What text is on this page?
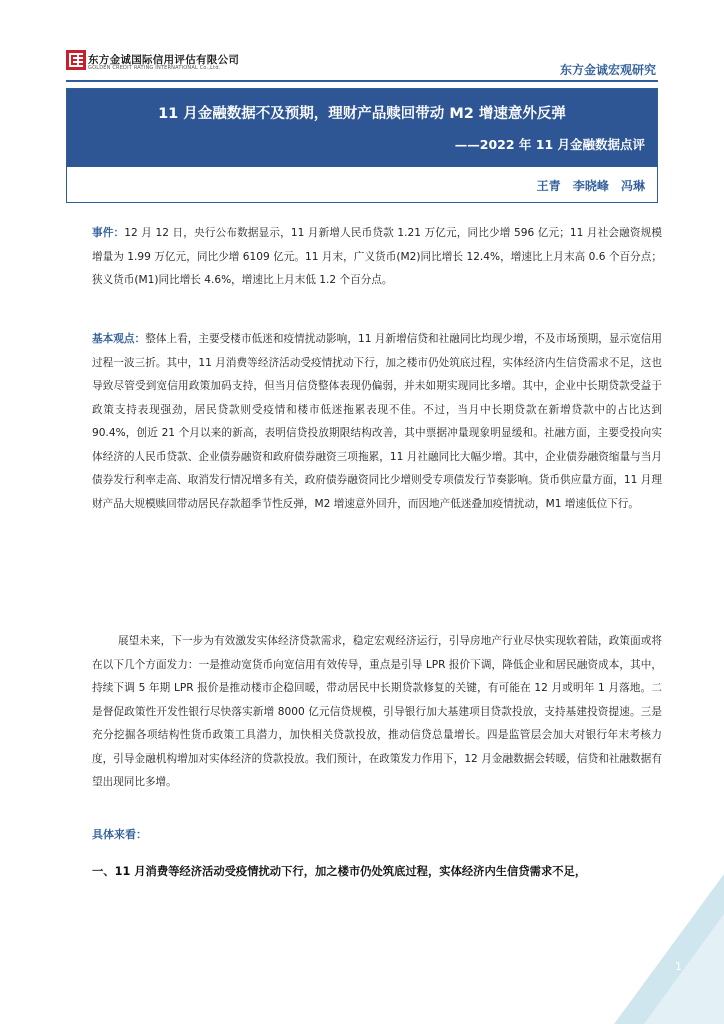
东方金诚国际信用评估有限公司
GOLDEN CREDIT RATING INTERNATIONAL Co.,Ltd.	东方金诚宏观研究
11 月金融数据不及预期，理财产品赎回带动 M2 增速意外反弹
——2022 年 11 月金融数据点评
王青 李晓峰 冯琳

事件：12 月 12 日，央行公布数据显示，11 月新增人民币贷款 1.21 万亿元，同比少增 596 亿元；11 月社会融资规模增量为 1.99 万亿元，同比少增 6109 亿元。11 月末，广义货币(M2)同比增长 12.4%，增速比上月末高 0.6 个百分点；狭义货币(M1)同比增长 4.6%，增速比上月末低 1.2 个百分点。

基本观点：整体上看，主要受楼市低迷和疫情扰动影响，11 月新增信贷和社融同比均现少增，不及市场预期，显示宽信用过程一波三折。其中，11 月消费等经济活动受疫情扰动下行，加之楼市仍处筑底过程，实体经济内生信贷需求不足，这也导致尽管受到宽信用政策加码支持，但当月信贷整体表现仍偏弱，并未如期实现同比多增。其中，企业中长期贷款受益于政策支持表现强劲，居民贷款则受疫情和楼市低迷拖累表现不佳。不过，当月中长期贷款在新增贷款中的占比达到 90.4%，创近 21 个月以来的新高，表明信贷投放期限结构改善，其中票据冲量现象明显缓和。社融方面，主要受投向实体经济的人民币贷款、企业债券融资和政府债券融资三项拖累，11 月社融同比大幅少增。其中，企业债券融资缩量与当月债券发行利率走高、取消发行情况增多有关，政府债券融资同比少增则受专项债发行节奏影响。货币供应量方面，11 月理财产品大规模赎回带动居民存款超季节性反弹，M2 增速意外回升，而因地产低迷叠加疫情扰动，M1 增速低位下行。

展望未来，下一步为有效激发实体经济贷款需求，稳定宏观经济运行，引导房地产行业尽快实现软着陆，政策面或将在以下几个方面发力：一是推动宽货币向宽信用有效传导，重点是引导 LPR 报价下调，降低企业和居民融资成本，其中，持续下调 5 年期 LPR 报价是推动楼市企稳回暖，带动居民中长期贷款修复的关键，有可能在 12 月或明年 1 月落地。二是督促政策性开发性银行尽快落实新增 8000 亿元信贷规模，引导银行加大基建项目贷款投放，支持基建投资提速。三是充分挖掘各项结构性货币政策工具潜力，加快相关贷款投放，推动信贷总量增长。四是监管层会加大对银行年末考核力度，引导金融机构增加对实体经济的贷款投放。我们预计，在政策发力作用下，12 月金融数据会转暖，信贷和社融数据有望出现同比多增。

具体来看：
一、11 月消费等经济活动受疫情扰动下行，加之楼市仍处筑底过程，实体经济内生信贷需求不足，
1
